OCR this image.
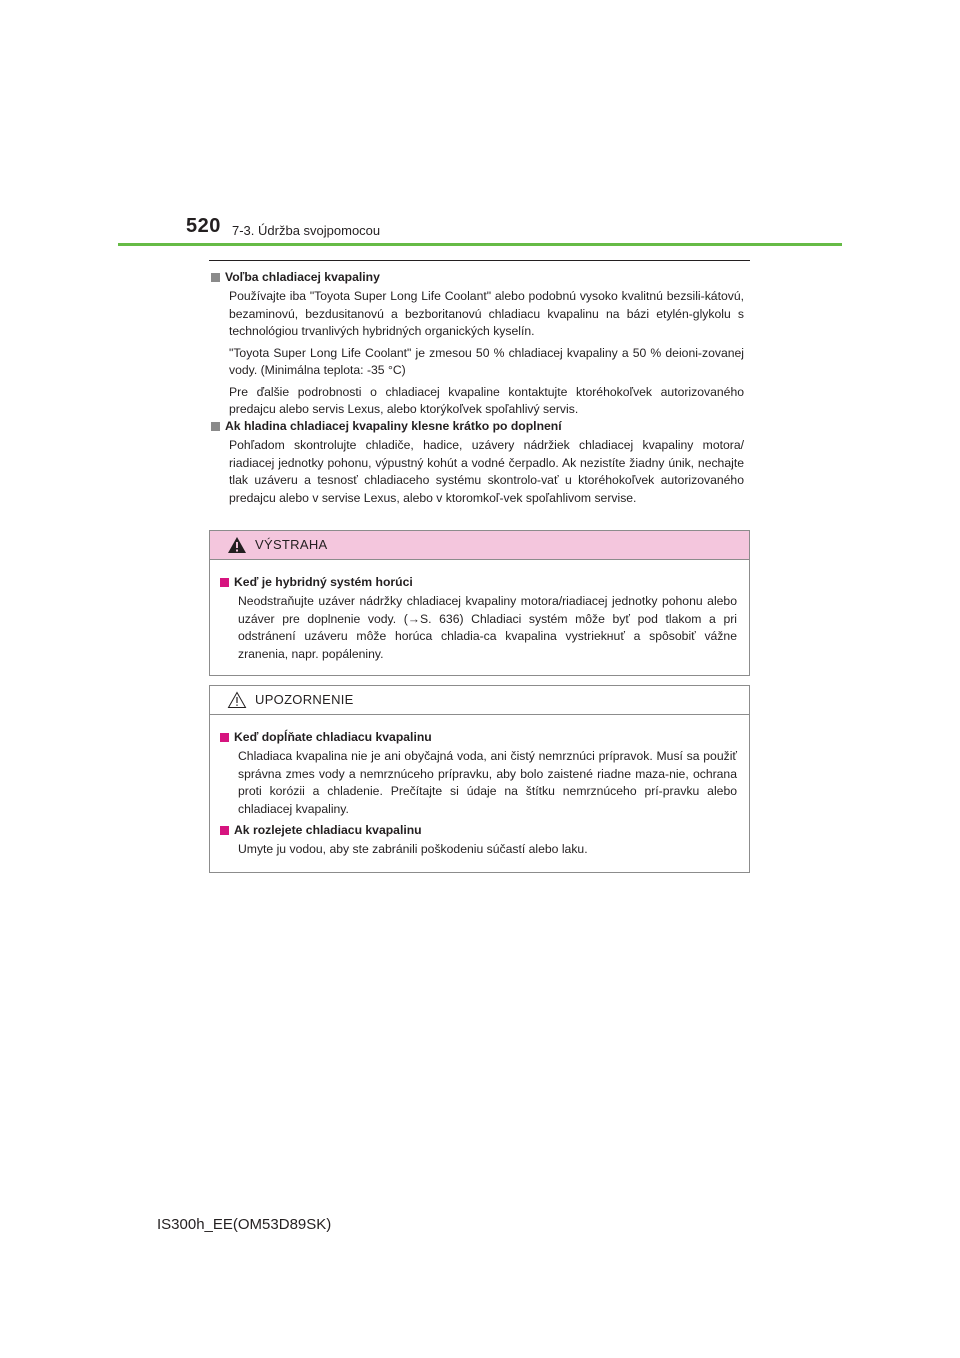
520 7-3. Údržba svojpomocou
Voľba chladiacej kvapaliny

Používajte iba "Toyota Super Long Life Coolant" alebo podobnú vysoko kvalitnú bezsili-kátovú, bezaminovú, bezdusitanovú a bezboritanovú chladiacu kvapalinu na bázi etylén-glykolu s technológiou trvanlivých hybridných organických kyselín.

"Toyota Super Long Life Coolant" je zmesou 50 % chladiacej kvapaliny a 50 % deioni-zovanej vody. (Minimálna teplota: -35 °C)

Pre ďalšie podrobnosti o chladiacej kvapaline kontaktujte ktoréhokoľvek autorizovaného predajcu alebo servis Lexus, alebo ktorýkoľvek spoľahlivý servis.

Ak hladina chladiacej kvapaliny klesne krátko po doplnení

Pohľadom skontrolujte chladiče, hadice, uzávery nádržiek chladiacej kvapaliny motora/ riadiacej jednotky pohonu, výpustný kohút a vodné čerpadlo. Ak nezistíte žiadny únik, nechajte tlak uzáveru a tesnosť chladiaceho systému skontrolo-vať u ktoréhokoľvek autorizovaného predajcu alebo v servise Lexus, alebo v ktoromkoľ-vek spoľahlivom servise.

VÝSTRAHA
Keď je hybridný systém horúci

Neodstraňujte uzáver nádržky chladiacej kvapaliny motora/riadiacej jednotky pohonu alebo uzáver pre doplnenie vody. (→S. 636) Chladiaci systém môže byť pod tlakom a pri odstránení uzáveru môže horúca chladia-ca kvapalina vystriekнuť a spôsobiť vážne zranenia, napr. popáleniny.

UPOZORNENIE
Keď dopĺňate chladiacu kvapalinu

Chladiaca kvapalina nie je ani obyčajná voda, ani čistý nemrznúci prípravok. Musí sa použiť správna zmes vody a nemrznúceho prípravku, aby bolo zaistené riadne maza-nie, ochrana proti korózii a chladenie. Prečítajte si údaje na štítku nemrznúceho prí-pravku alebo chladiacej kvapaliny.

Ak rozlejete chladiacu kvapalinu

Umyte ju vodou, aby ste zabránili poškodeniu súčastí alebo laku.

IS300h_EE(OM53D89SK)
